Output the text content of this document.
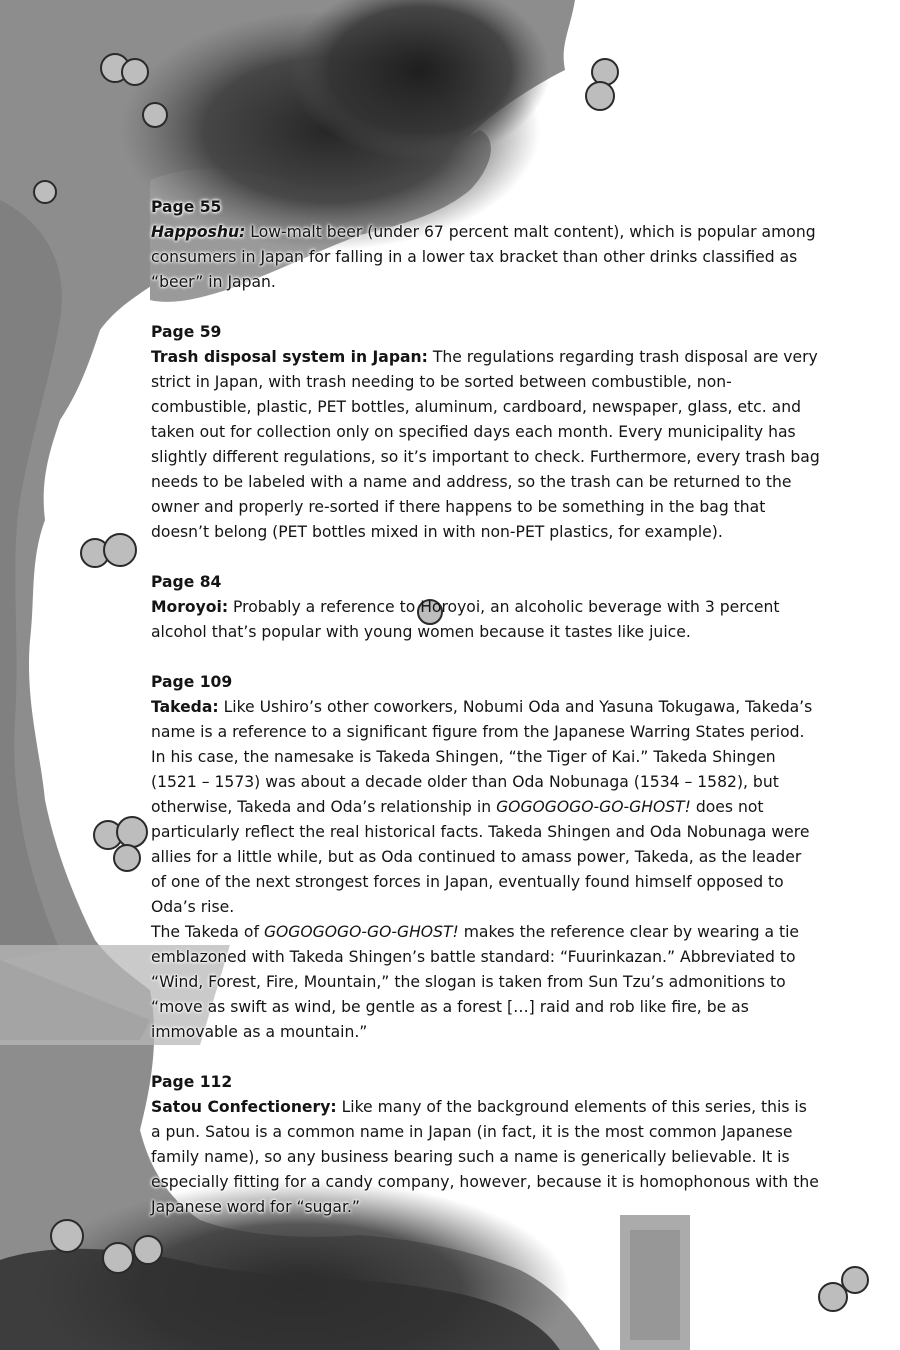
Page 55

Happoshu: Low-malt beer (under 67 percent malt content), which is popular among consumers in Japan for falling in a lower tax bracket than other drinks classified as “beer” in Japan.

Page 59

Trash disposal system in Japan: The regulations regarding trash disposal are very strict in Japan, with trash needing to be sorted between combustible, non-combustible, plastic, PET bottles, aluminum, cardboard, newspaper, glass, etc. and taken out for collection only on specified days each month. Every municipality has slightly different regulations, so it’s important to check. Furthermore, every trash bag needs to be labeled with a name and address, so the trash can be returned to the owner and properly re-sorted if there happens to be something in the bag that doesn’t belong (PET bottles mixed in with non-PET plastics, for example).

Page 84

Moroyoi: Probably a reference to Horoyoi, an alcoholic beverage with 3 percent alcohol that’s popular with young women because it tastes like juice.

Page 109

Takeda: Like Ushiro’s other coworkers, Nobumi Oda and Yasuna Tokugawa, Takeda’s name is a reference to a significant figure from the Japanese Warring States period. In his case, the namesake is Takeda Shingen, “the Tiger of Kai.” Takeda Shingen (1521 – 1573) was about a decade older than Oda Nobunaga (1534 – 1582), but otherwise, Takeda and Oda’s relationship in GOGOGOGO-GO-GHOST! does not particularly reflect the real historical facts. Takeda Shingen and Oda Nobunaga were allies for a little while, but as Oda continued to amass power, Takeda, as the leader of one of the next strongest forces in Japan, eventually found himself opposed to Oda’s rise.

The Takeda of GOGOGOGO-GO-GHOST! makes the reference clear by wearing a tie emblazoned with Takeda Shingen’s battle standard: “Fuurinkazan.” Abbreviated to “Wind, Forest, Fire, Mountain,” the slogan is taken from Sun Tzu’s admonitions to “move as swift as wind, be gentle as a forest […] raid and rob like fire, be as immovable as a mountain.”

Page 112

Satou Confectionery: Like many of the background elements of this series, this is a pun. Satou is a common name in Japan (in fact, it is the most common Japanese family name), so any business bearing such a name is generically believable. It is especially fitting for a candy company, however, because it is homophonous with the Japanese word for “sugar.”
